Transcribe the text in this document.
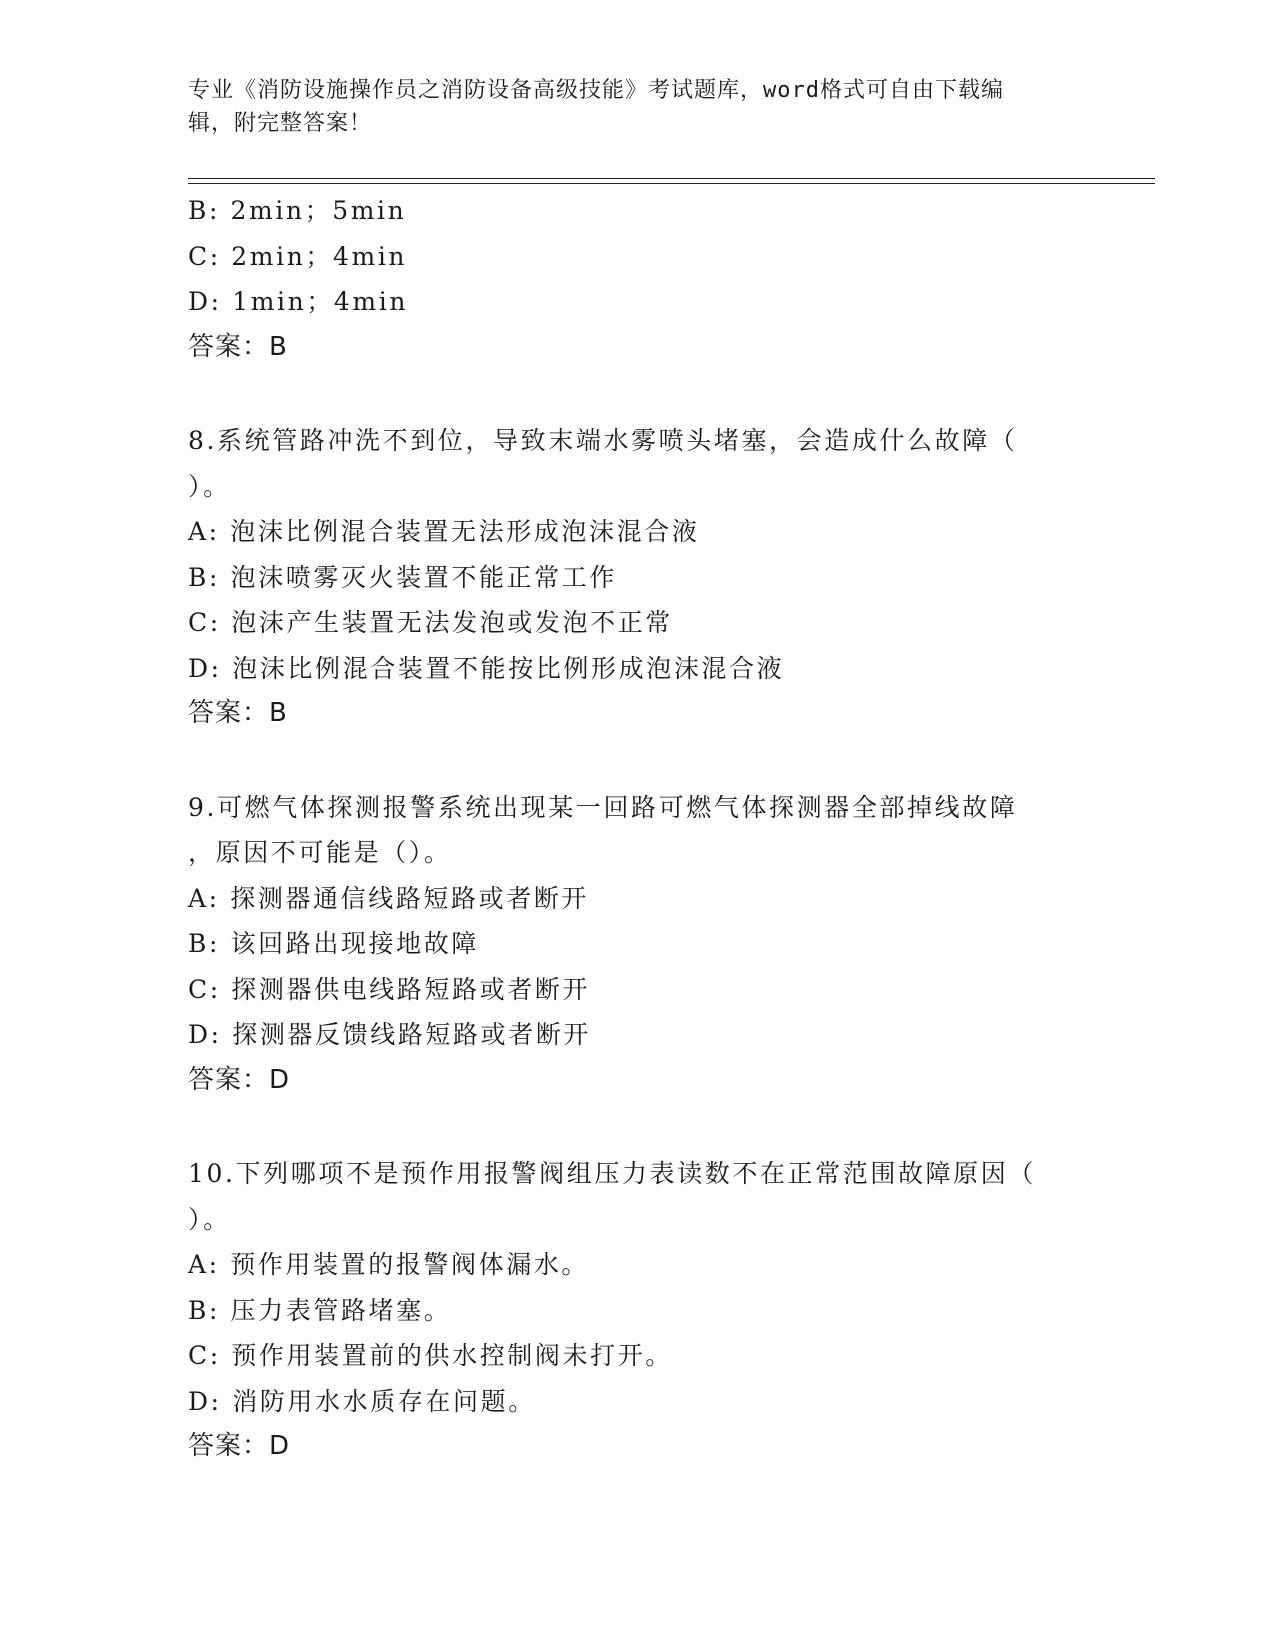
专业《消防设施操作员之消防设备高级技能》考试题库，word格式可自由下载编
辑，附完整答案！
B: 2min；5min
C: 2min；4min
D: 1min；4min
答案：B
8.系统管路冲洗不到位，导致末端水雾喷头堵塞，会造成什么故障（
）。
A: 泡沫比例混合装置无法形成泡沫混合液
B: 泡沫喷雾灭火装置不能正常工作
C: 泡沫产生装置无法发泡或发泡不正常
D: 泡沫比例混合装置不能按比例形成泡沫混合液
答案：B
9.可燃气体探测报警系统出现某一回路可燃气体探测器全部掉线故障
，原因不可能是（）。
A: 探测器通信线路短路或者断开
B: 该回路出现接地故障
C: 探测器供电线路短路或者断开
D: 探测器反馈线路短路或者断开
答案：D
10.下列哪项不是预作用报警阀组压力表读数不在正常范围故障原因（
）。
A: 预作用装置的报警阀体漏水。
B: 压力表管路堵塞。
C: 预作用装置前的供水控制阀未打开。
D: 消防用水水质存在问题。
答案：D
